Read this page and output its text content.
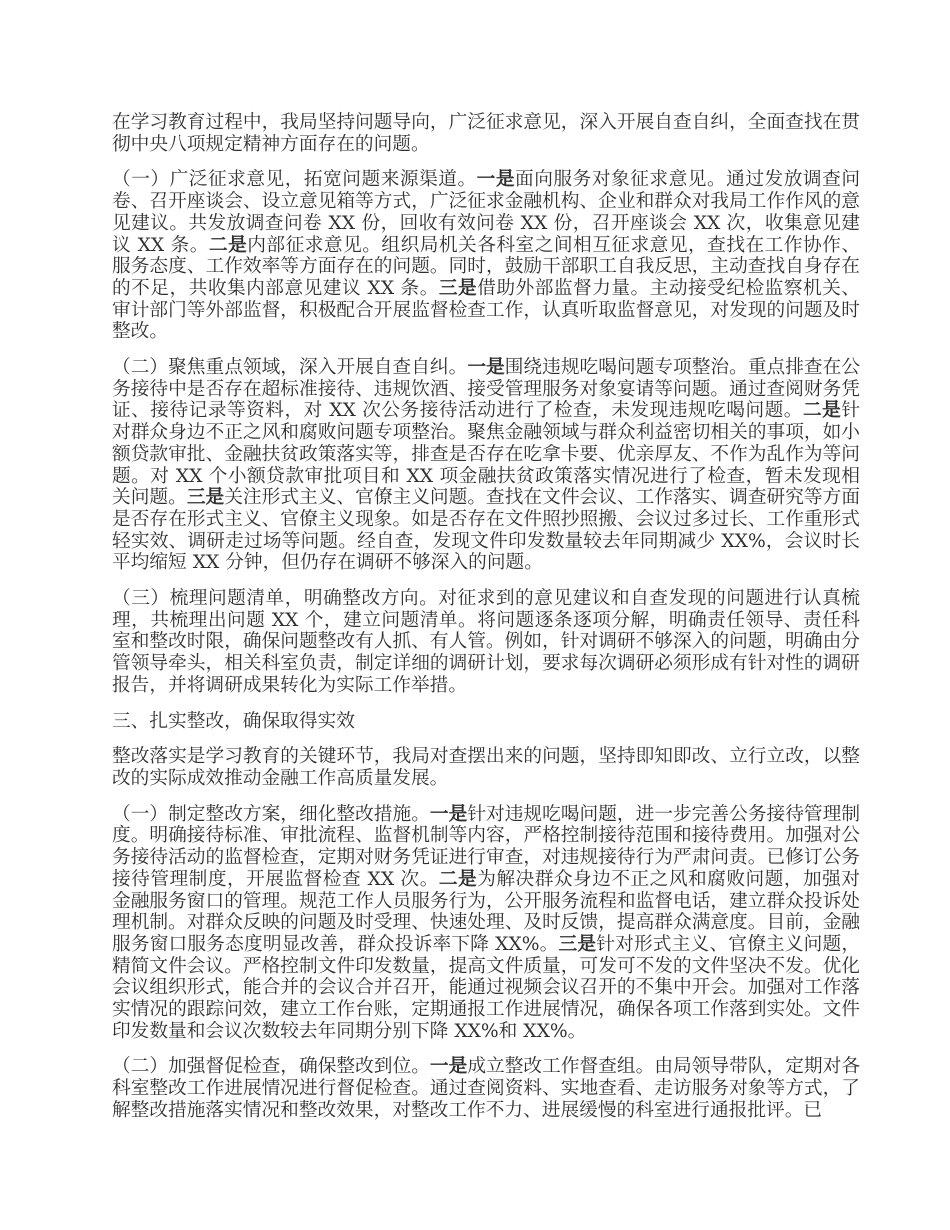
在学习教育过程中，我局坚持问题导向，广泛征求意见，深入开展自查自纠，全面查找在贯彻中央八项规定精神方面存在的问题。

（一）广泛征求意见，拓宽问题来源渠道。一是面向服务对象征求意见。通过发放调查问卷、召开座谈会、设立意见箱等方式，广泛征求金融机构、企业和群众对我局工作作风的意见建议。共发放调查问卷 XX 份，回收有效问卷 XX 份，召开座谈会 XX 次，收集意见建议 XX 条。二是内部征求意见。组织局机关各科室之间相互征求意见，查找在工作协作、服务态度、工作效率等方面存在的问题。同时，鼓励干部职工自我反思，主动查找自身存在的不足，共收集内部意见建议 XX 条。三是借助外部监督力量。主动接受纪检监察机关、审计部门等外部监督，积极配合开展监督检查工作，认真听取监督意见，对发现的问题及时整改。

（二）聚焦重点领域，深入开展自查自纠。一是围绕违规吃喝问题专项整治。重点排查在公务接待中是否存在超标准接待、违规饮酒、接受管理服务对象宴请等问题。通过查阅财务凭证、接待记录等资料，对 XX 次公务接待活动进行了检查，未发现违规吃喝问题。二是针对群众身边不正之风和腐败问题专项整治。聚焦金融领域与群众利益密切相关的事项，如小额贷款审批、金融扶贫政策落实等，排查是否存在吃拿卡要、优亲厚友、不作为乱作为等问题。对 XX 个小额贷款审批项目和 XX 项金融扶贫政策落实情况进行了检查，暂未发现相关问题。三是关注形式主义、官僚主义问题。查找在文件会议、工作落实、调查研究等方面是否存在形式主义、官僚主义现象。如是否存在文件照抄照搬、会议过多过长、工作重形式轻实效、调研走过场等问题。经自查，发现文件印发数量较去年同期减少 XX%，会议时长平均缩短 XX 分钟，但仍存在调研不够深入的问题。

（三）梳理问题清单，明确整改方向。对征求到的意见建议和自查发现的问题进行认真梳理，共梳理出问题 XX 个，建立问题清单。将问题逐条逐项分解，明确责任领导、责任科室和整改时限，确保问题整改有人抓、有人管。例如，针对调研不够深入的问题，明确由分管领导牵头，相关科室负责，制定详细的调研计划，要求每次调研必须形成有针对性的调研报告，并将调研成果转化为实际工作举措。

三、扎实整改，确保取得实效

整改落实是学习教育的关键环节，我局对查摆出来的问题，坚持即知即改、立行立改，以整改的实际成效推动金融工作高质量发展。

（一）制定整改方案，细化整改措施。一是针对违规吃喝问题，进一步完善公务接待管理制度。明确接待标准、审批流程、监督机制等内容，严格控制接待范围和接待费用。加强对公务接待活动的监督检查，定期对财务凭证进行审查，对违规接待行为严肃问责。已修订公务接待管理制度，开展监督检查 XX 次。二是为解决群众身边不正之风和腐败问题，加强对金融服务窗口的管理。规范工作人员服务行为，公开服务流程和监督电话，建立群众投诉处理机制。对群众反映的问题及时受理、快速处理、及时反馈，提高群众满意度。目前，金融服务窗口服务态度明显改善，群众投诉率下降 XX%。三是针对形式主义、官僚主义问题，精简文件会议。严格控制文件印发数量，提高文件质量，可发可不发的文件坚决不发。优化会议组织形式，能合并的会议合并召开，能通过视频会议召开的不集中开会。加强对工作落实情况的跟踪问效，建立工作台账，定期通报工作进展情况，确保各项工作落到实处。文件印发数量和会议次数较去年同期分别下降 XX%和 XX%。

（二）加强督促检查，确保整改到位。一是成立整改工作督查组。由局领导带队，定期对各科室整改工作进展情况进行督促检查。通过查阅资料、实地查看、走访服务对象等方式，了解整改措施落实情况和整改效果，对整改工作不力、进展缓慢的科室进行通报批评。已
